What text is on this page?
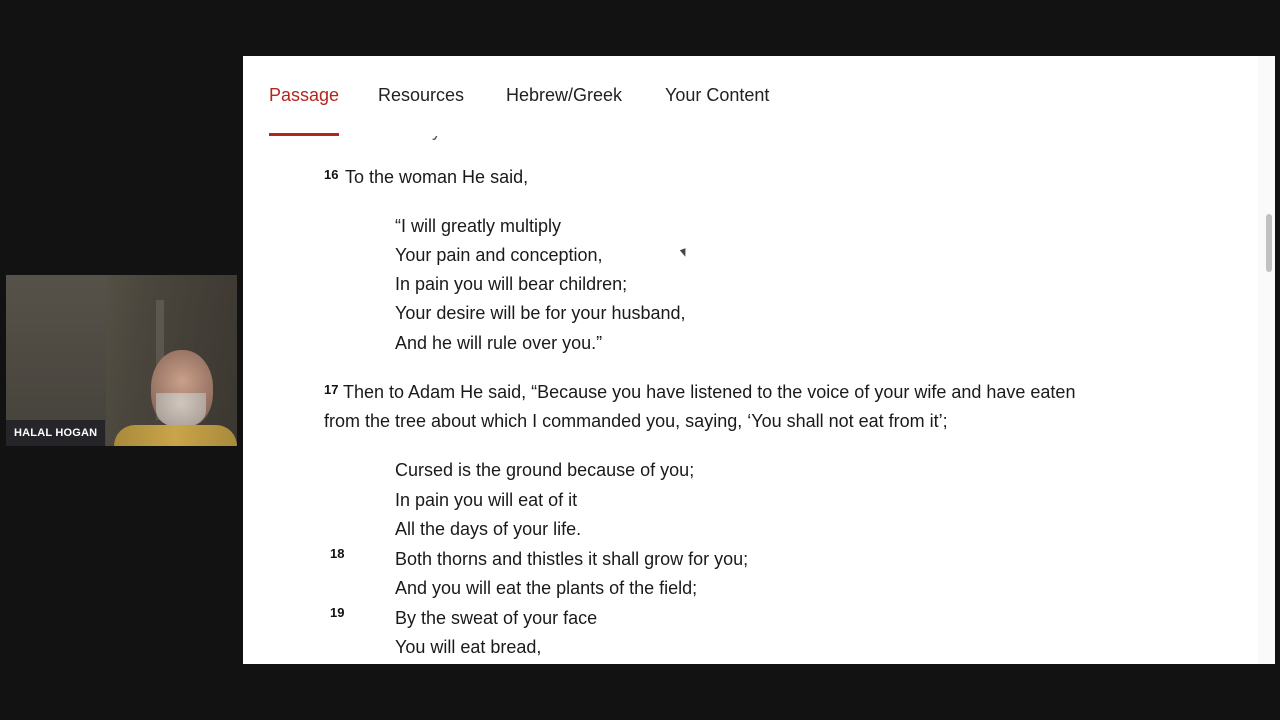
HALAL HOGAN
16 To the woman He said,
“I will greatly multiply
Your pain and conception,
In pain you will bear children;
Your desire will be for your husband,
And he will rule over you.”
17 Then to Adam He said, “Because you have listened to the voice of your wife and have eaten
from the tree about which I commanded you, saying, ‘You shall not eat from it’;
Cursed is the ground because of you;
In pain you will eat of it
All the days of your life.
18	Both thorns and thistles it shall grow for you;
And you will eat the plants of the field;
19	By the sweat of your face
You will eat bread,
Passage Resources Hebrew/Greek Your Content
